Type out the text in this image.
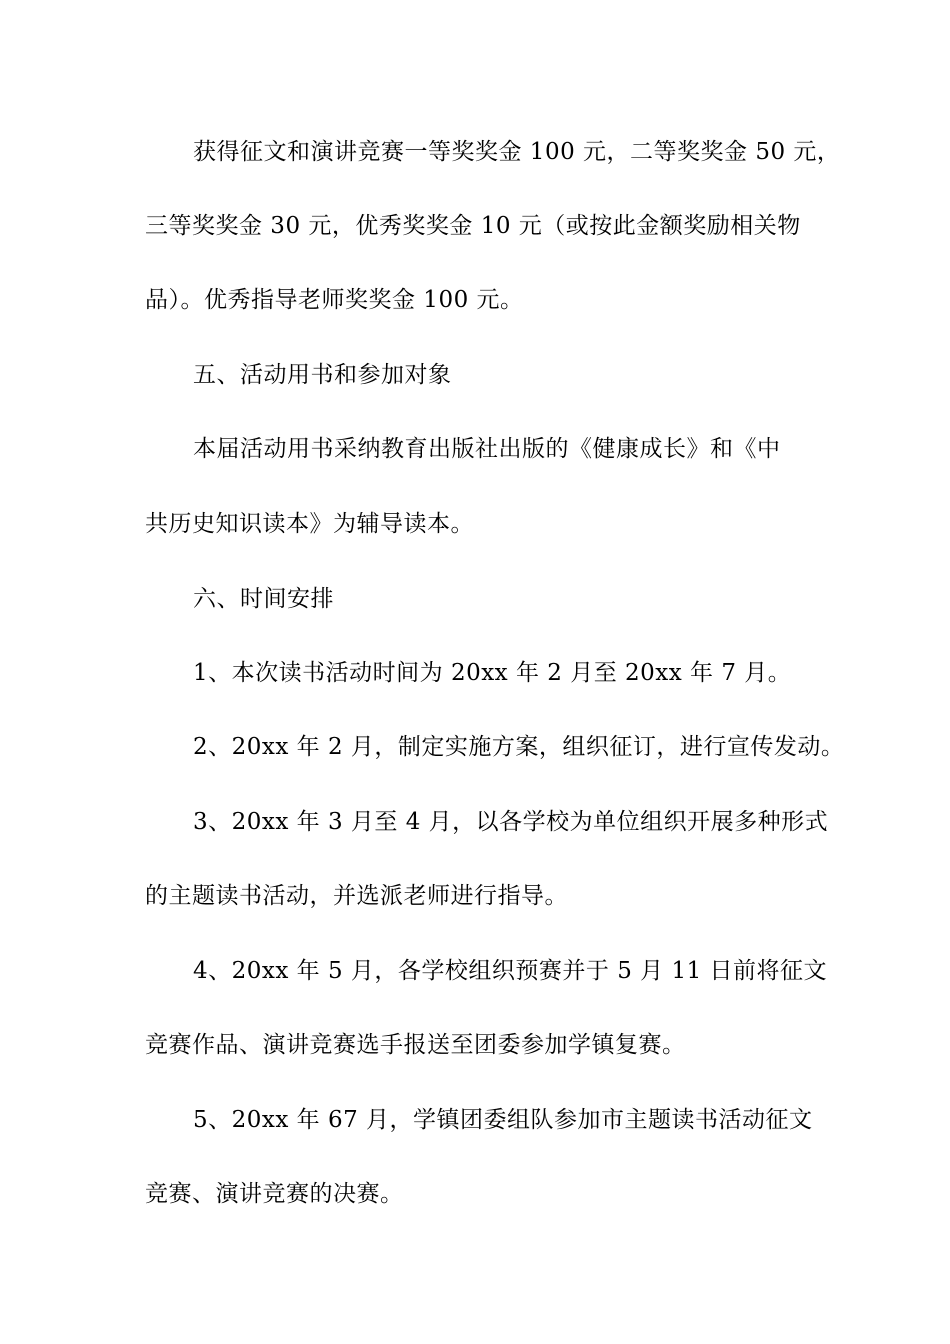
获得征文和演讲竞赛一等奖奖金 100 元，二等奖奖金 50 元，
三等奖奖金 30 元，优秀奖奖金 10 元（或按此金额奖励相关物
品）。优秀指导老师奖奖金 100 元。
五、活动用书和参加对象
本届活动用书采纳教育出版社出版的《健康成长》和《中
共历史知识读本》为辅导读本。
六、时间安排
1、本次读书活动时间为 20xx 年 2 月至 20xx 年 7 月。
2、20xx 年 2 月，制定实施方案，组织征订，进行宣传发动。
3、20xx 年 3 月至 4 月，以各学校为单位组织开展多种形式
的主题读书活动，并选派老师进行指导。
4、20xx 年 5 月，各学校组织预赛并于 5 月 11 日前将征文
竞赛作品、演讲竞赛选手报送至团委参加学镇复赛。
5、20xx 年 67 月，学镇团委组队参加市主题读书活动征文
竞赛、演讲竞赛的决赛。
